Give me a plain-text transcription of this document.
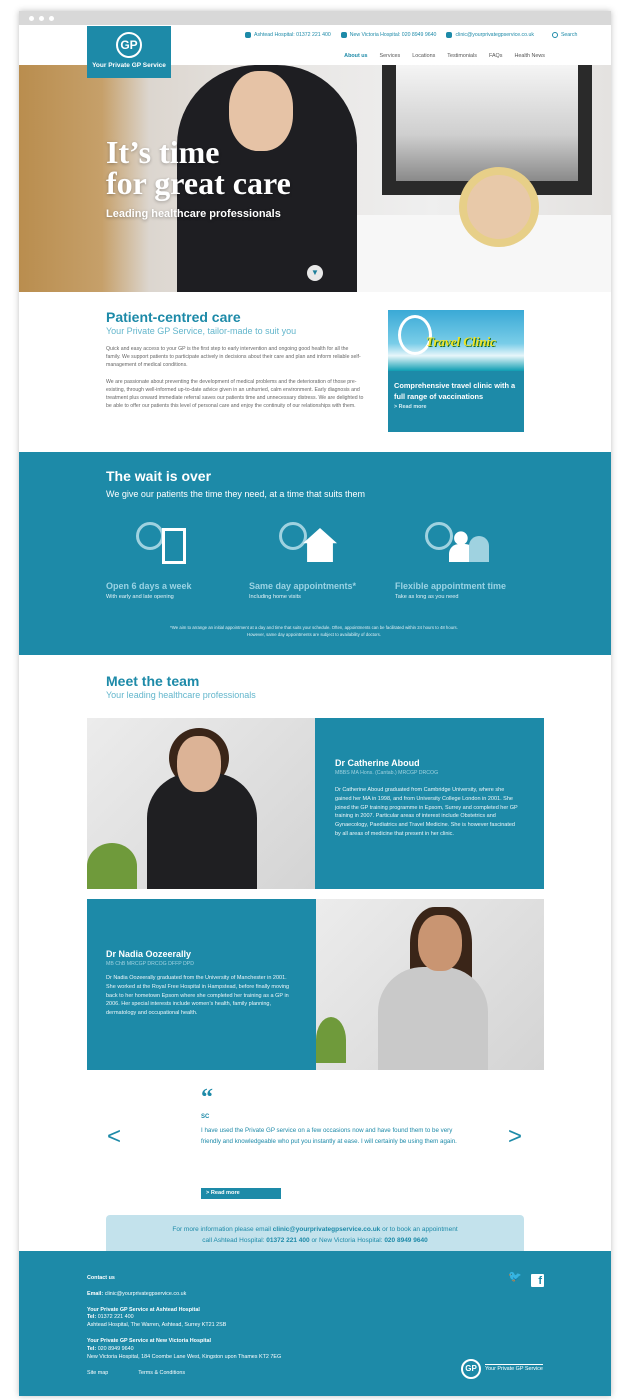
GP
Your Private GP Service
Ashtead Hospital: 01372 221 400	New Victoria Hospital: 020 8949 9640	clinic@yourprivategpservice.co.uk	Search
About us Services Locations Testimonials FAQs Health News
It’s time
for great care
Leading healthcare professionals
▼
Patient-centred care
Your Private GP Service, tailor-made to suit you

Quick and easy access to your GP is the first step to early intervention and ongoing good health for all the family. We support patients to participate actively in decisions about their care and plan and inform reliable self-management of medical conditions.

We are passionate about preventing the development of medical problems and the deterioration of those pre-existing, through well-informed up-to-date advice given in an unhurried, calm environment. Early diagnosis and treatment plus onward immediate referral saves our patients time and unnecessary distress. We are delighted to be able to offer our patients this level of personal care and enjoy the continuity of our relationships with them.

Travel Clinic
Comprehensive travel clinic with a full range of vaccinations
> Read more
The wait is over
We give our patients the time they need, at a time that suits them
Open 6 days a week
With early and late opening
Same day appointments*
Including home visits
Flexible appointment time
Take as long as you need

*We aim to arrange an initial appointment at a day and time that suits your schedule. Often, appointments can be facilitated within 24 hours to 48 hours. However, same day appointments are subject to availability of doctors.

Meet the team
Your leading healthcare professionals
Dr Catherine Aboud
MBBS MA Hons. (Cantab.) MRCGP DRCOG

Dr Catherine Aboud graduated from Cambridge University, where she gained her MA in 1998, and from University College London in 2001. She joined the GP training programme in Epsom, Surrey and completed her GP training in 2007. Particular areas of interest include Obstetrics and Gynaecology, Paediatrics and Travel Medicine. She is however fascinated by all areas of medicine that present in her clinic.

Dr Nadia Oozeerally
MB ChB MRCGP DRCOG DFFP DPD

Dr Nadia Oozeerally graduated from the University of Manchester in 2001. She worked at the Royal Free Hospital in Hampstead, before finally moving back to her hometown Epsom where she completed her training as a GP in 2006. Her special interests include women’s health, family planning, dermatology and occupational health.

<	>
“
SC

I have used the Private GP service on a few occasions now and have found them to be very friendly and knowledgeable who put you instantly at ease. I will certainly be using them again.

> Read more
For more information please email clinic@yourprivategpservice.co.uk or to book an appointment
call Ashtead Hospital: 01372 221 400 or New Victoria Hospital: 020 8949 9640
Contact us
Email: clinic@yourprivategpservice.co.uk
Your Private GP Service at Ashtead Hospital
Tel: 01372 221 400
Ashtead Hospital, The Warren, Ashtead, Surrey KT21 2SB
Your Private GP Service at New Victoria Hospital
Tel: 020 8949 9640
New Victoria Hospital, 184 Coombe Lane West, Kingston upon Thames KT2 7EG
🐦	f
Site map	Terms & Conditions	GP	Your Private GP Service
